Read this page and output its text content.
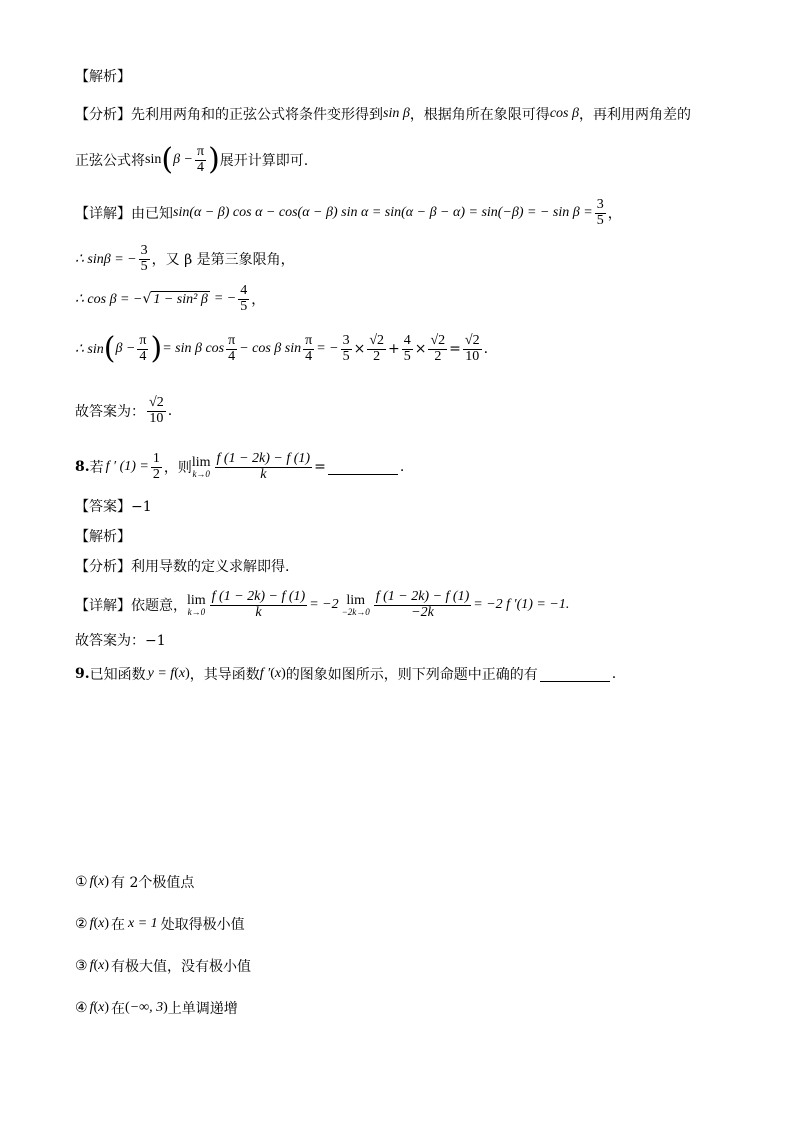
【解析】
【分析】 先利用两角和的正弦公式将条件变形得到 sin β ，根据角所在象限可得 cos β ，再利用两角差的
正弦公式将 sin ( $\beta - \frac{\pi}{4}$ ) 展开计算即可.
【详解】 由已知 sin(α − β) cos α − cos(α − β) sin α = sin(α − β − α) = sin(−β) = − $\sin \beta = \frac{3}{5}$ ，
∴ sinβ = − $\frac{3}{5}$ ，又 β 是第三象限角，
∴ cos β = − √ 1 − sin² β = − $\frac{4}{5}$ ，
∴ sin ( $\beta - \frac{\pi}{4}$ ) = sin β $\cos \frac{\pi}{4} - \cos \beta$ $\sin \frac{\pi}{4}$ = − $\frac{3}{5} \times \frac{√2}{2} + \frac{4}{5} \times \frac{√2}{2} = \frac{√2}{10}$ .
故答案为： $\frac{√2}{10}$ .
8. 若 f ′ $(1) = \frac{1}{2}$ ，则 lim
$k\to 0 \frac{f (1 - 2k) - f (1)}{k}$ =	.
【答案】−1
【解析】
【分析】利用导数的定义求解即得.
【详解】 依题意， lim
$k\to 0 \frac{f (1 - 2k) - f (1)}{k} = -2$ lim
$-2k\to 0 \frac{f (1 - 2k) - f (1)}{-2k} = -2$ f ′(1) = −1.
故答案为：−1
9. 已知函数 y = f ( x ) ，其导函数 f ′ ( x ) 的图象如图所示，则下列命题中正确的有	.
① f ( x ) 有 2个极值点
② f ( x ) 在 x = 1 处取得极小值
③ f ( x ) 有极大值，没有极小值
④ f ( x ) 在 ( −∞, 3 ) 上单调递增
